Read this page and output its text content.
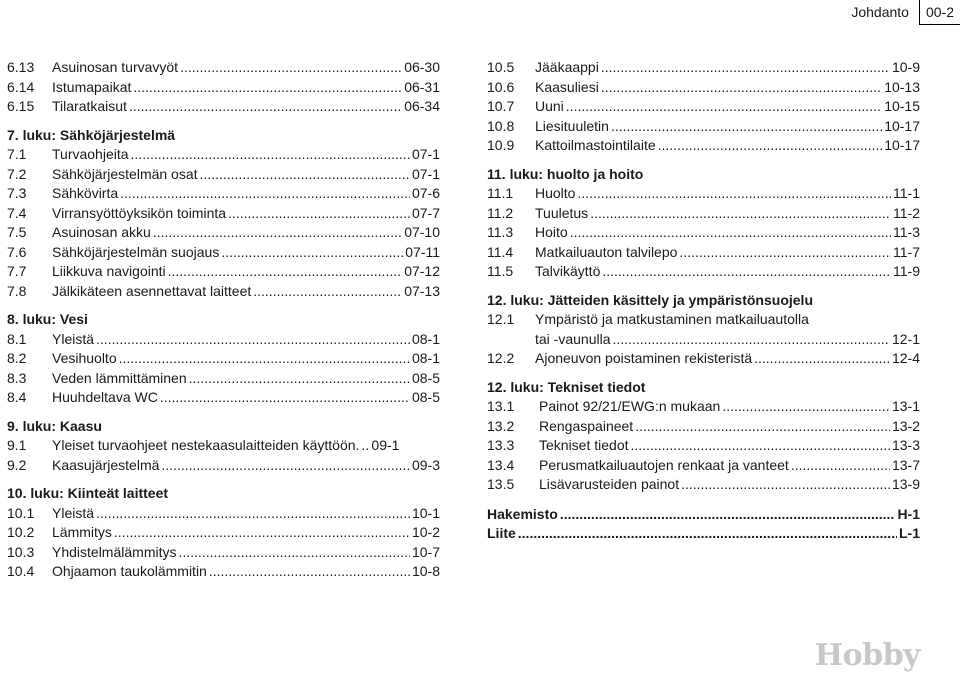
Johdanto	00-2
6.13	Asuinosan turvavyöt .....	06-30
6.14	Istumapaikat .....	06-31
6.15	Tilaratkaisut .....	06-34
7. luku: Sähköjärjestelmä
7.1	Turvaohjeita .....	07-1
7.2	Sähköjärjestelmän osat .....	07-1
7.3	Sähkövirta .....	07-6
7.4	Virransyöttöyksikön toiminta .....	07-7
7.5	Asuinosan akku .....	07-10
7.6	Sähköjärjestelmän suojaus .....	07-11
7.7	Liikkuva navigointi .....	07-12
7.8	Jälkikäteen asennettavat laitteet .....	07-13
8. luku: Vesi
8.1	Yleistä .....	08-1
8.2	Vesihuolto .....	08-1
8.3	Veden lämmittäminen .....	08-5
8.4	Huuhdeltava WC .....	08-5
9. luku: Kaasu
9.1	Yleiset turvaohjeet nestekaasulaitteiden käyttöön. ..... 09-1
9.2	Kaasujärjestelmä .....	09-3
10. luku: Kiinteät laitteet
10.1	Yleistä .....	10-1
10.2	Lämmitys .....	10-2
10.3	Yhdistelmälämmitys .....	10-7
10.4	Ohjaamon taukolämmitin .....	10-8
10.5	Jääkaappi .....	10-9
10.6	Kaasuliesi .....	10-13
10.7	Uuni .....	10-15
10.8	Liesituuletin .....	10-17
10.9	Kattoilmastointilaite .....	10-17
11. luku: huolto ja hoito
11.1	Huolto .....	11-1
11.2	Tuuletus .....	11-2
11.3	Hoito .....	11-3
11.4	Matkailuauton talvilepo .....	11-7
11.5	Talvikäyttö .....	11-9
12. luku: Jätteiden käsittely ja ympäristönsuojelu
12.1	Ympäristö ja matkustaminen matkailuautolla
tai -vaunulla .....	12-1
12.2	Ajoneuvon poistaminen rekisteristä .....	12-4
12. luku: Tekniset tiedot
13.1	Painot 92/21/EWG:n mukaan .....	13-1
13.2	Rengaspaineet .....	13-2
13.3	Tekniset tiedot .....	13-3
13.4	Perusmatkailuautojen renkaat ja vanteet .....	13-7
13.5	Lisävarusteiden painot .....	13-9
Hakemisto .....	H-1
Liite .....	L-1
Hobby
